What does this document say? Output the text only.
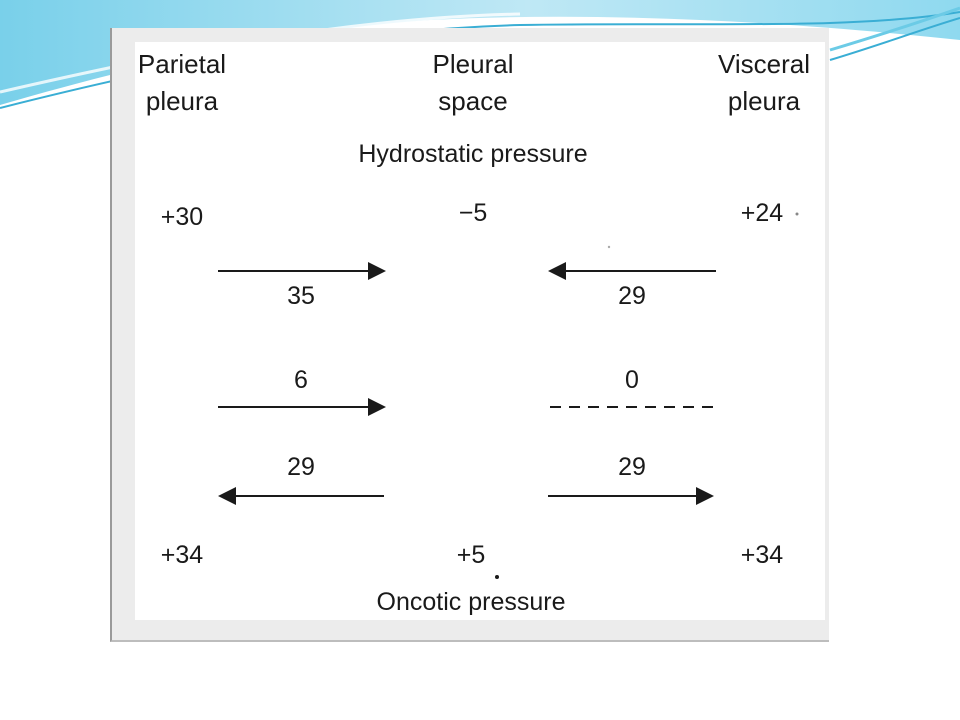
Parietal
pleura
Pleural
space
Visceral
pleura
Hydrostatic pressure
+30	−5	+24
35	29
6	0
29	29
+34	+5	+34
Oncotic pressure
